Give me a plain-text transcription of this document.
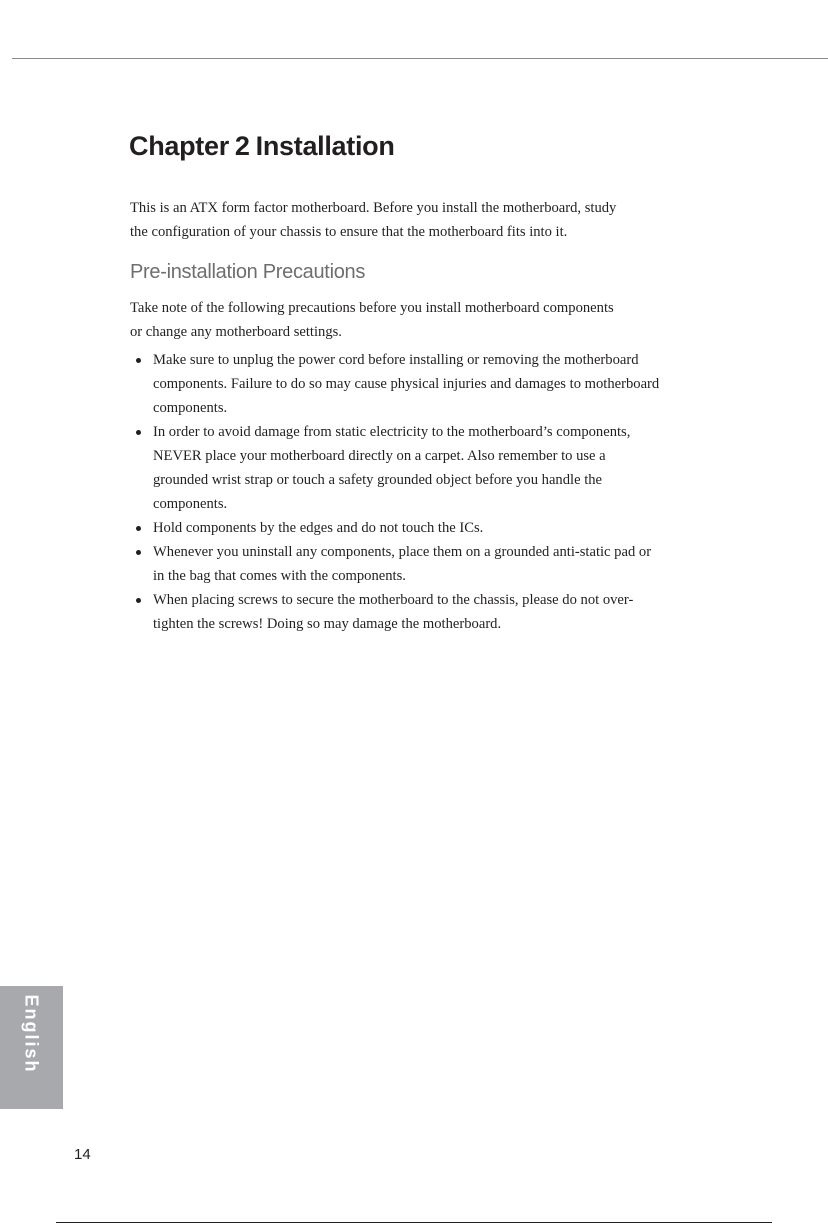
Chapter 2 Installation

This is an ATX form factor motherboard. Before you install the motherboard, study
the configuration of your chassis to ensure that the motherboard fits into it.

Pre-installation Precautions

Take note of the following precautions before you install motherboard components
or change any motherboard settings.

Make sure to unplug the power cord before installing or removing the motherboard
components. Failure to do so may cause physical injuries and damages to motherboard
components.
In order to avoid damage from static electricity to the motherboard’s components,
NEVER place your motherboard directly on a carpet. Also remember to use a
grounded wrist strap or touch a safety grounded object before you handle the
components.
Hold components by the edges and do not touch the ICs.
Whenever you uninstall any components, place them on a grounded anti-static pad or
in the bag that comes with the components.
When placing screws to secure the motherboard to the chassis, please do not over-
tighten the screws! Doing so may damage the motherboard.
English
14
